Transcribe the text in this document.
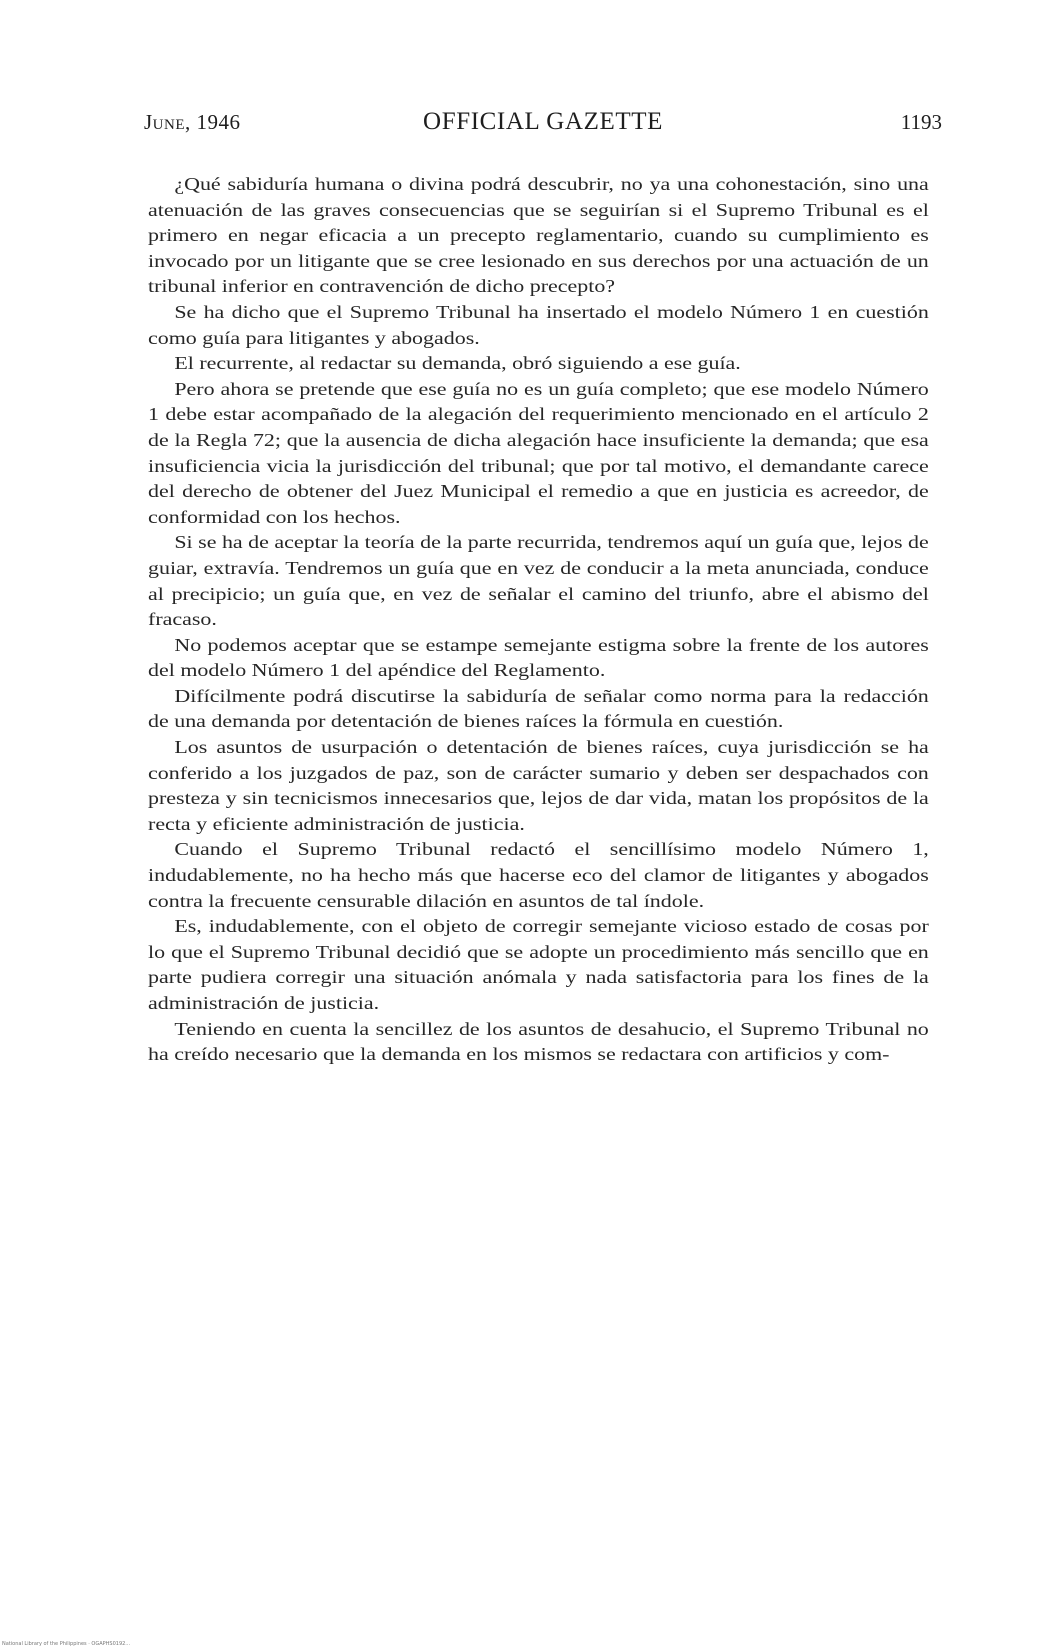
June, 1946	OFFICIAL GAZETTE	1193

¿Qué sabiduría humana o divina podrá descubrir, no ya una cohonestación, sino una atenuación de las graves consecuencias que se seguirían si el Supremo Tribunal es el primero en negar eficacia a un precepto reglamentario, cuando su cumplimiento es invocado por un litigante que se cree lesionado en sus derechos por una actuación de un tribunal inferior en contravención de dicho precepto?

Se ha dicho que el Supremo Tribunal ha insertado el modelo Número 1 en cuestión como guía para litigantes y abogados.

El recurrente, al redactar su demanda, obró siguiendo a ese guía.

Pero ahora se pretende que ese guía no es un guía completo; que ese modelo Número 1 debe estar acompañado de la alegación del requerimiento mencionado en el artículo 2 de la Regla 72; que la ausencia de dicha alegación hace insuficiente la demanda; que esa insuficiencia vicia la jurisdicción del tribunal; que por tal motivo, el demandante carece del derecho de obtener del Juez Municipal el remedio a que en justicia es acreedor, de conformidad con los hechos.

Si se ha de aceptar la teoría de la parte recurrida, tendremos aquí un guía que, lejos de guiar, extravía. Tendremos un guía que en vez de conducir a la meta anunciada, conduce al precipicio; un guía que, en vez de señalar el camino del triunfo, abre el abismo del fracaso.

No podemos aceptar que se estampe semejante estigma sobre la frente de los autores del modelo Número 1 del apéndice del Reglamento.

Difícilmente podrá discutirse la sabiduría de señalar como norma para la redacción de una demanda por detentación de bienes raíces la fórmula en cuestión.

Los asuntos de usurpación o detentación de bienes raíces, cuya jurisdicción se ha conferido a los juzgados de paz, son de carácter sumario y deben ser despachados con presteza y sin tecnicismos innecesarios que, lejos de dar vida, matan los propósitos de la recta y eficiente administración de justicia.

Cuando el Supremo Tribunal redactó el sencillísimo modelo Número 1, indudablemente, no ha hecho más que hacerse eco del clamor de litigantes y abogados contra la frecuente censurable dilación en asuntos de tal índole.

Es, indudablemente, con el objeto de corregir semejante vicioso estado de cosas por lo que el Supremo Tribunal decidió que se adopte un procedimiento más sencillo que en parte pudiera corregir una situación anómala y nada satisfactoria para los fines de la administración de justicia.

Teniendo en cuenta la sencillez de los asuntos de desahucio, el Supremo Tribunal no ha creído necesario que la demanda en los mismos se redactara con artificios y com-

National Library of the Philippines · OGAPHS0192...
